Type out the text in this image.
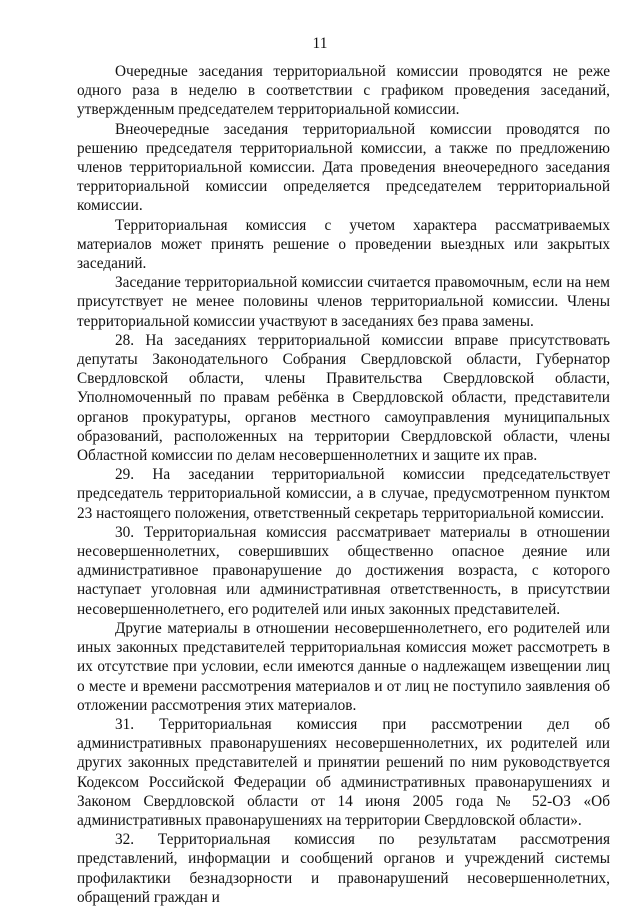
11

Очередные заседания территориальной комиссии проводятся не реже одного раза в неделю в соответствии с графиком проведения заседаний, утвержденным председателем территориальной комиссии.

Внеочередные заседания территориальной комиссии проводятся по решению председателя территориальной комиссии, а также по предложению членов территориальной комиссии. Дата проведения внеочередного заседания территориальной комиссии определяется председателем территориальной комиссии.

Территориальная комиссия с учетом характера рассматриваемых материалов может принять решение о проведении выездных или закрытых заседаний.

Заседание территориальной комиссии считается правомочным, если на нем присутствует не менее половины членов территориальной комиссии. Члены территориальной комиссии участвуют в заседаниях без права замены.

28. На заседаниях территориальной комиссии вправе присутствовать депутаты Законодательного Собрания Свердловской области, Губернатор Свердловской области, члены Правительства Свердловской области, Уполномоченный по правам ребёнка в Свердловской области, представители органов прокуратуры, органов местного самоуправления муниципальных образований, расположенных на территории Свердловской области, члены Областной комиссии по делам несовершеннолетних и защите их прав.

29. На заседании территориальной комиссии председательствует председатель территориальной комиссии, а в случае, предусмотренном пунктом 23 настоящего положения, ответственный секретарь территориальной комиссии.

30. Территориальная комиссия рассматривает материалы в отношении несовершеннолетних, совершивших общественно опасное деяние или административное правонарушение до достижения возраста, с которого наступает уголовная или административная ответственность, в присутствии несовершеннолетнего, его родителей или иных законных представителей.

Другие материалы в отношении несовершеннолетнего, его родителей или иных законных представителей территориальная комиссия может рассмотреть в их отсутствие при условии, если имеются данные о надлежащем извещении лиц о месте и времени рассмотрения материалов и от лиц не поступило заявления об отложении рассмотрения этих материалов.

31. Территориальная комиссия при рассмотрении дел об административных правонарушениях несовершеннолетних, их родителей или других законных представителей и принятии решений по ним руководствуется Кодексом Российской Федерации об административных правонарушениях и Законом Свердловской области от 14 июня 2005 года № 52-ОЗ «Об административных правонарушениях на территории Свердловской области».

32. Территориальная комиссия по результатам рассмотрения представлений, информации и сообщений органов и учреждений системы профилактики безнадзорности и правонарушений несовершеннолетних, обращений граждан и
